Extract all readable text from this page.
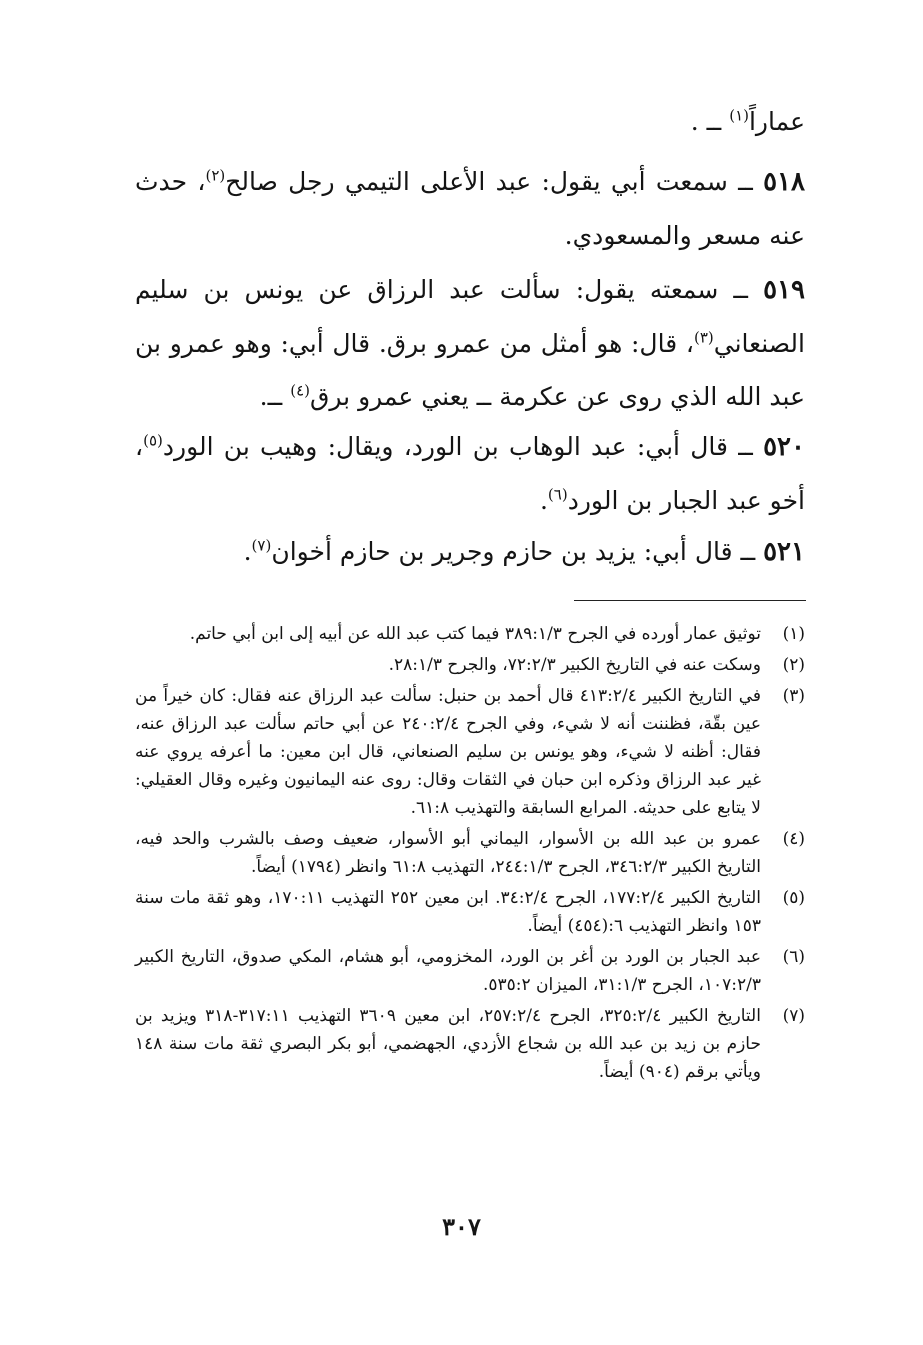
عماراً$^{(١)}$ ــ .
٥١٨ ــ سمعت أبي يقول: عبد الأعلى التيمي رجل صالح$^{(٢)}$، حدث عنه مسعر والمسعودي.
٥١٩ ــ سمعته يقول: سألت عبد الرزاق عن يونس بن سليم الصنعاني$^{(٣)}$، قال: هو أمثل من عمرو برق. قال أبي: وهو عمرو بن عبد الله الذي روى عن عكرمة ــ يعني عمرو برق$^{(٤)}$ ــ.
٥٢٠ ــ قال أبي: عبد الوهاب بن الورد، ويقال: وهيب بن الورد$^{(٥)}$، أخو عبد الجبار بن الورد$^{(٦)}$.
٥٢١ ــ قال أبي: يزيد بن حازم وجرير بن حازم أخوان$^{(٧)}$.
(١)
توثيق عمار أورده في الجرح ٣٨٩:١/٣ فيما كتب عبد الله عن أبيه إلى ابن أبي حاتم.
(٢)
وسكت عنه في التاريخ الكبير ٧٢:٢/٣، والجرح ٢٨:١/٣.
(٣)
في التاريخ الكبير ٤١٣:٢/٤ قال أحمد بن حنبل: سألت عبد الرزاق عنه فقال: كان خيراً من عين بقّة، فظننت أنه لا شيء، وفي الجرح ٢٤٠:٢/٤ عن أبي حاتم سألت عبد الرزاق عنه، فقال: أظنه لا شيء، وهو يونس بن سليم الصنعاني، قال ابن معين: ما أعرفه يروي عنه غير عبد الرزاق وذكره ابن حبان في الثقات وقال: روى عنه اليمانيون وغيره وقال العقيلي: لا يتابع على حديثه. المرابع السابقة والتهذيب ٦١:٨.
(٤)
عمرو بن عبد الله بن الأسوار، اليماني أبو الأسوار، ضعيف وصف بالشرب والحد فيه، التاريخ الكبير ٣٤٦:٢/٣، الجرح ٢٤٤:١/٣، التهذيب ٦١:٨ وانظر (١٧٩٤) أيضاً.
(٥)
التاريخ الكبير ١٧٧:٢/٤، الجرح ٣٤:٢/٤. ابن معين ٢٥٢ التهذيب ١٧٠:١١، وهو ثقة مات سنة ١٥٣ وانظر التهذيب ٦:(٤٥٤) أيضاً.
(٦)
عبد الجبار بن الورد بن أغر بن الورد، المخزومي، أبو هشام، المكي صدوق، التاريخ الكبير ١٠٧:٢/٣، الجرح ٣١:١/٣، الميزان ٥٣٥:٢.
(٧)
التاريخ الكبير ٣٢٥:٢/٤، الجرح ٢٥٧:٢/٤، ابن معين ٣٦٠٩ التهذيب ٣١٧:١١-٣١٨ ويزيد بن حازم بن زيد بن عبد الله بن شجاع الأزدي، الجهضمي، أبو بكر البصري ثقة مات سنة ١٤٨ ويأتي برقم (٩٠٤) أيضاً.
٣٠٧
